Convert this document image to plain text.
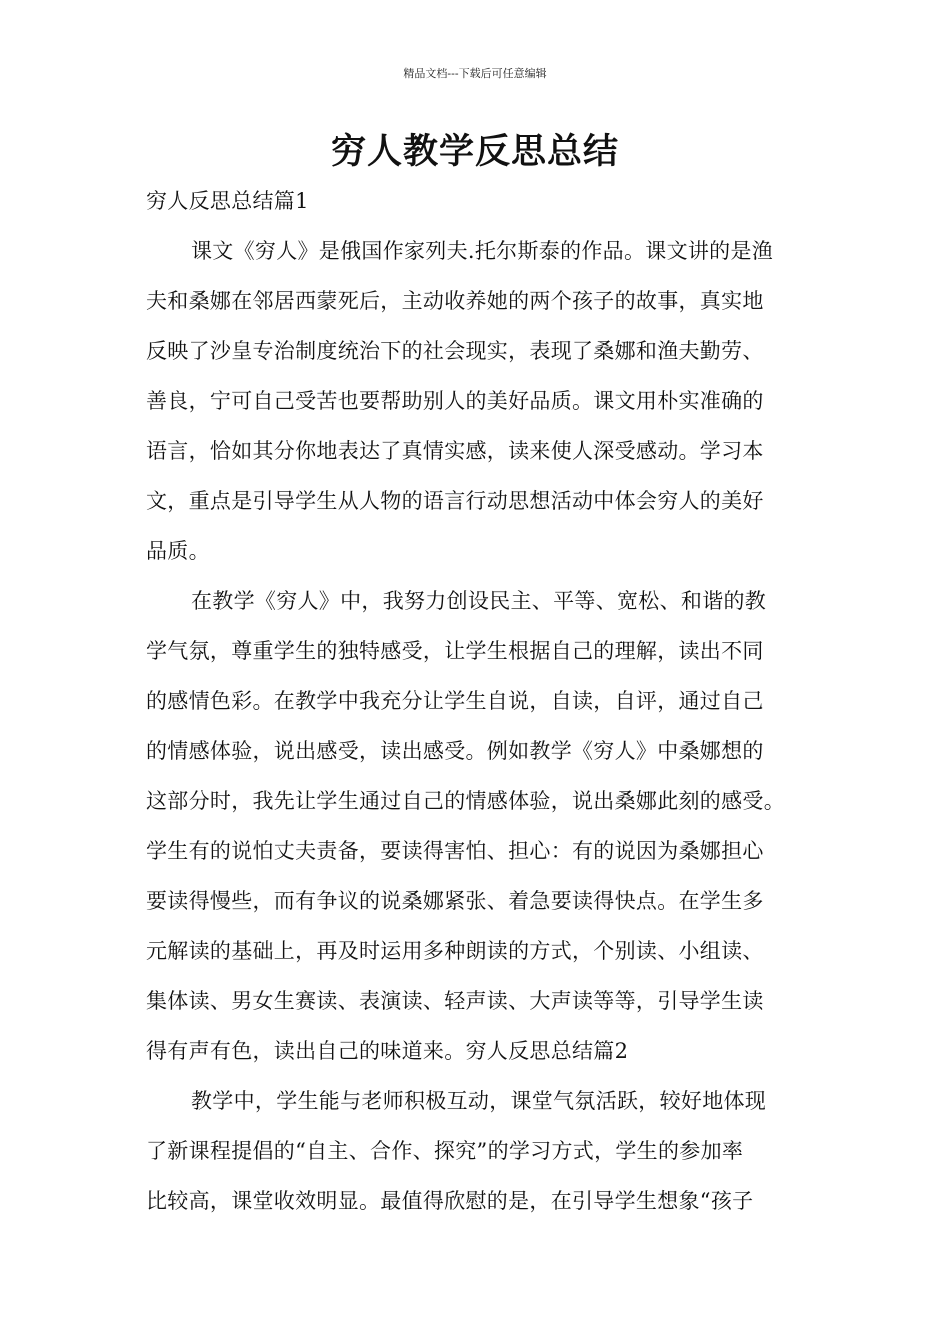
精品文档---下载后可任意编辑
穷人教学反思总结
穷人反思总结篇1
课文《穷人》是俄国作家列夫.托尔斯泰的作品。课文讲的是渔
夫和桑娜在邻居西蒙死后，主动收养她的两个孩子的故事，真实地
反映了沙皇专治制度统治下的社会现实，表现了桑娜和渔夫勤劳、
善良，宁可自己受苦也要帮助别人的美好品质。课文用朴实准确的
语言，恰如其分你地表达了真情实感，读来使人深受感动。学习本
文，重点是引导学生从人物的语言行动思想活动中体会穷人的美好
品质。
在教学《穷人》中，我努力创设民主、平等、宽松、和谐的教
学气氛，尊重学生的独特感受，让学生根据自己的理解，读出不同
的感情色彩。在教学中我充分让学生自说，自读，自评，通过自己
的情感体验，说出感受，读出感受。例如教学《穷人》中桑娜想的
这部分时，我先让学生通过自己的情感体验，说出桑娜此刻的感受。
学生有的说怕丈夫责备，要读得害怕、担心：有的说因为桑娜担心
要读得慢些，而有争议的说桑娜紧张、着急要读得快点。在学生多
元解读的基础上，再及时运用多种朗读的方式，个别读、小组读、
集体读、男女生赛读、表演读、轻声读、大声读等等，引导学生读
得有声有色，读出自己的味道来。穷人反思总结篇2
教学中，学生能与老师积极互动，课堂气氛活跃，较好地体现
了新课程提倡的“自主、合作、探究”的学习方式，学生的参加率
比较高，课堂收效明显。最值得欣慰的是，在引导学生想象“孩子
